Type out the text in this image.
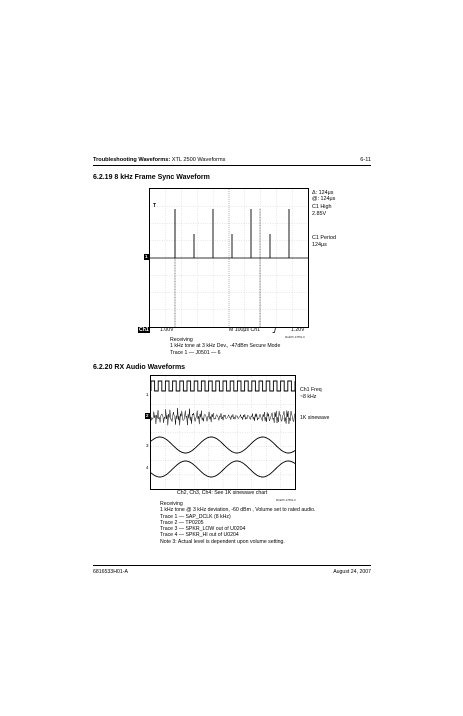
Troubleshooting Waveforms: XTL 2500 Waveforms	6-11
6.2.19 8 kHz Frame Sync Waveform
T
Δ: 124μs
@: 124μs
C1 High
2.85V
C1 Period
124μs
1
Ch1 1.00V	M 100μs Ch1	1.20V
MAEPF-27869-O
Receiving
1 kHz tone at 3 kHz Dev., -47dBm Secure Mode
Trace 1 — J0501 — 6
6.2.20 RX Audio Waveforms
Ch1 Freq
~8 kHz
1K sinewave
1
2
3
4
Ch2, Ch3, Ch4: See 1K sinewave chart
MAEPF-27869-O
Receiving
1 kHz tone @ 3 kHz deviation, -60 dBm , Volume set to rated audio.
Trace 1 — SAP_DCLK (8 kHz)
Trace 2 — TP0205
Trace 3 — SPKR_LOW out of U0204
Trace 4 — SPKR_HI out of U0204
Note 3: Actual level is dependent upon volume setting.
6816533H01-A	August 24, 2007
